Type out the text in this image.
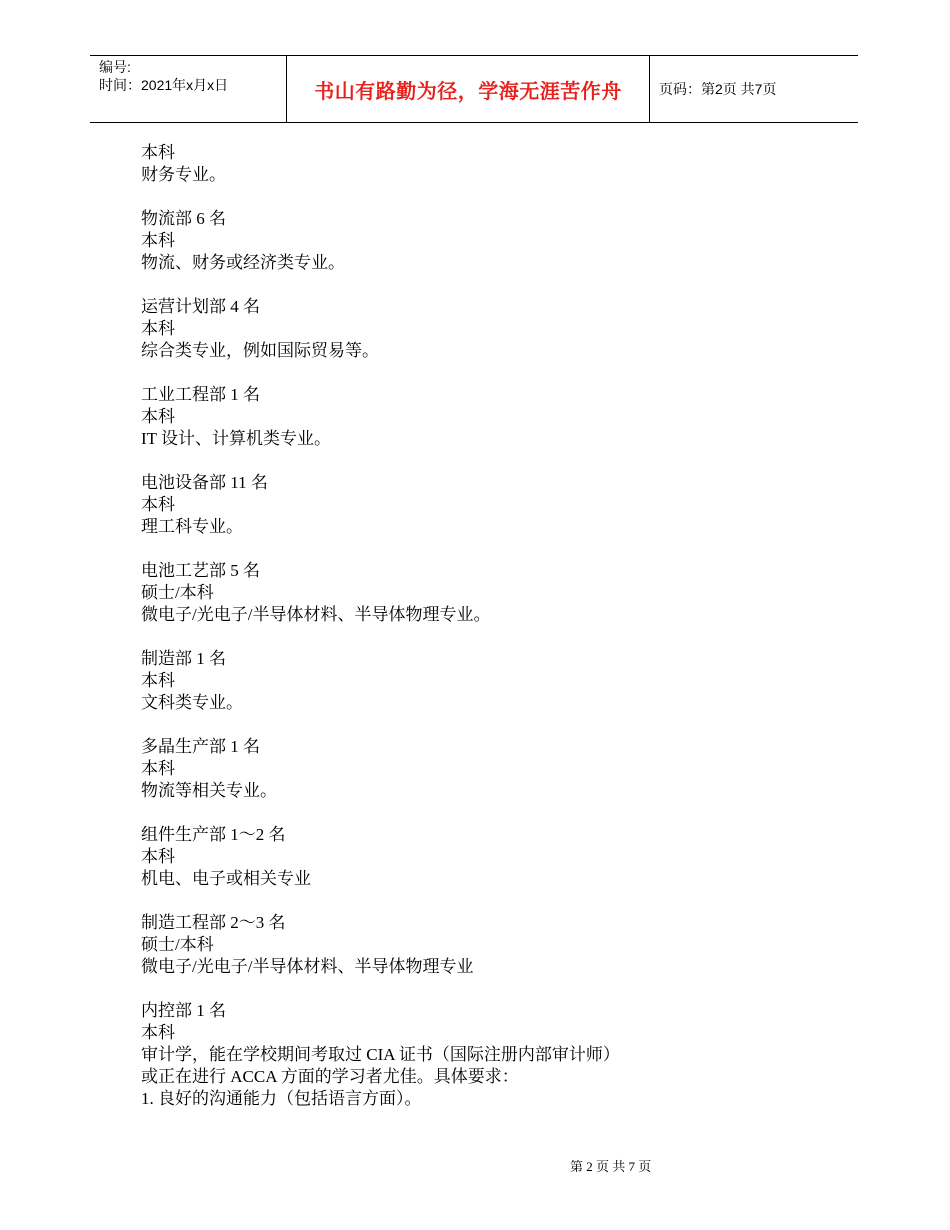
编号:
时间：2021年x月x日	书山有路勤为径，学海无涯苦作舟	页码：第2页 共7页
本科
财务专业。
物流部 6 名
本科
物流、财务或经济类专业。
运营计划部 4 名
本科
综合类专业，例如国际贸易等。
工业工程部 1 名
本科
IT 设计、计算机类专业。
电池设备部 11 名
本科
理工科专业。
电池工艺部 5 名
硕士/本科
微电子/光电子/半导体材料、半导体物理专业。
制造部 1 名
本科
文科类专业。
多晶生产部 1 名
本科
物流等相关专业。
组件生产部 1～2 名
本科
机电、电子或相关专业
制造工程部 2～3 名
硕士/本科
微电子/光电子/半导体材料、半导体物理专业
内控部 1 名
本科
审计学，能在学校期间考取过 CIA 证书（国际注册内部审计师）
或正在进行 ACCA 方面的学习者尤佳。具体要求：
1. 良好的沟通能力（包括语言方面）。
第 2 页 共 7 页
